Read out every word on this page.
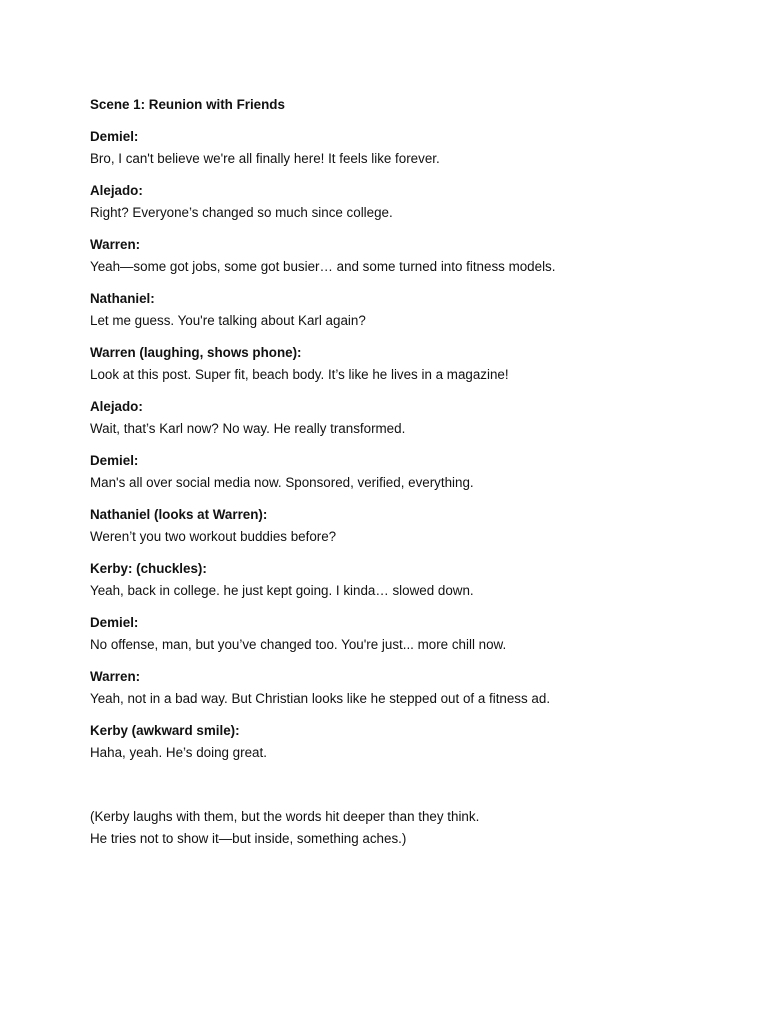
Scene 1: Reunion with Friends
Demiel:
Bro, I can't believe we're all finally here! It feels like forever.
Alejado:
Right? Everyone’s changed so much since college.
Warren:
Yeah—some got jobs, some got busier… and some turned into fitness models.
Nathaniel:
Let me guess. You're talking about Karl again?
Warren (laughing, shows phone):
Look at this post. Super fit, beach body. It’s like he lives in a magazine!
Alejado:
Wait, that’s Karl now? No way. He really transformed.
Demiel:
Man's all over social media now. Sponsored, verified, everything.
Nathaniel (looks at Warren):
Weren’t you two workout buddies before?
Kerby: (chuckles):
Yeah, back in college. he just kept going. I kinda… slowed down.
Demiel:
No offense, man, but you’ve changed too. You're just... more chill now.
Warren:
Yeah, not in a bad way. But Christian looks like he stepped out of a fitness ad.
Kerby (awkward smile):
Haha, yeah. He’s doing great.
(Kerby laughs with them, but the words hit deeper than they think.
He tries not to show it—but inside, something aches.)
